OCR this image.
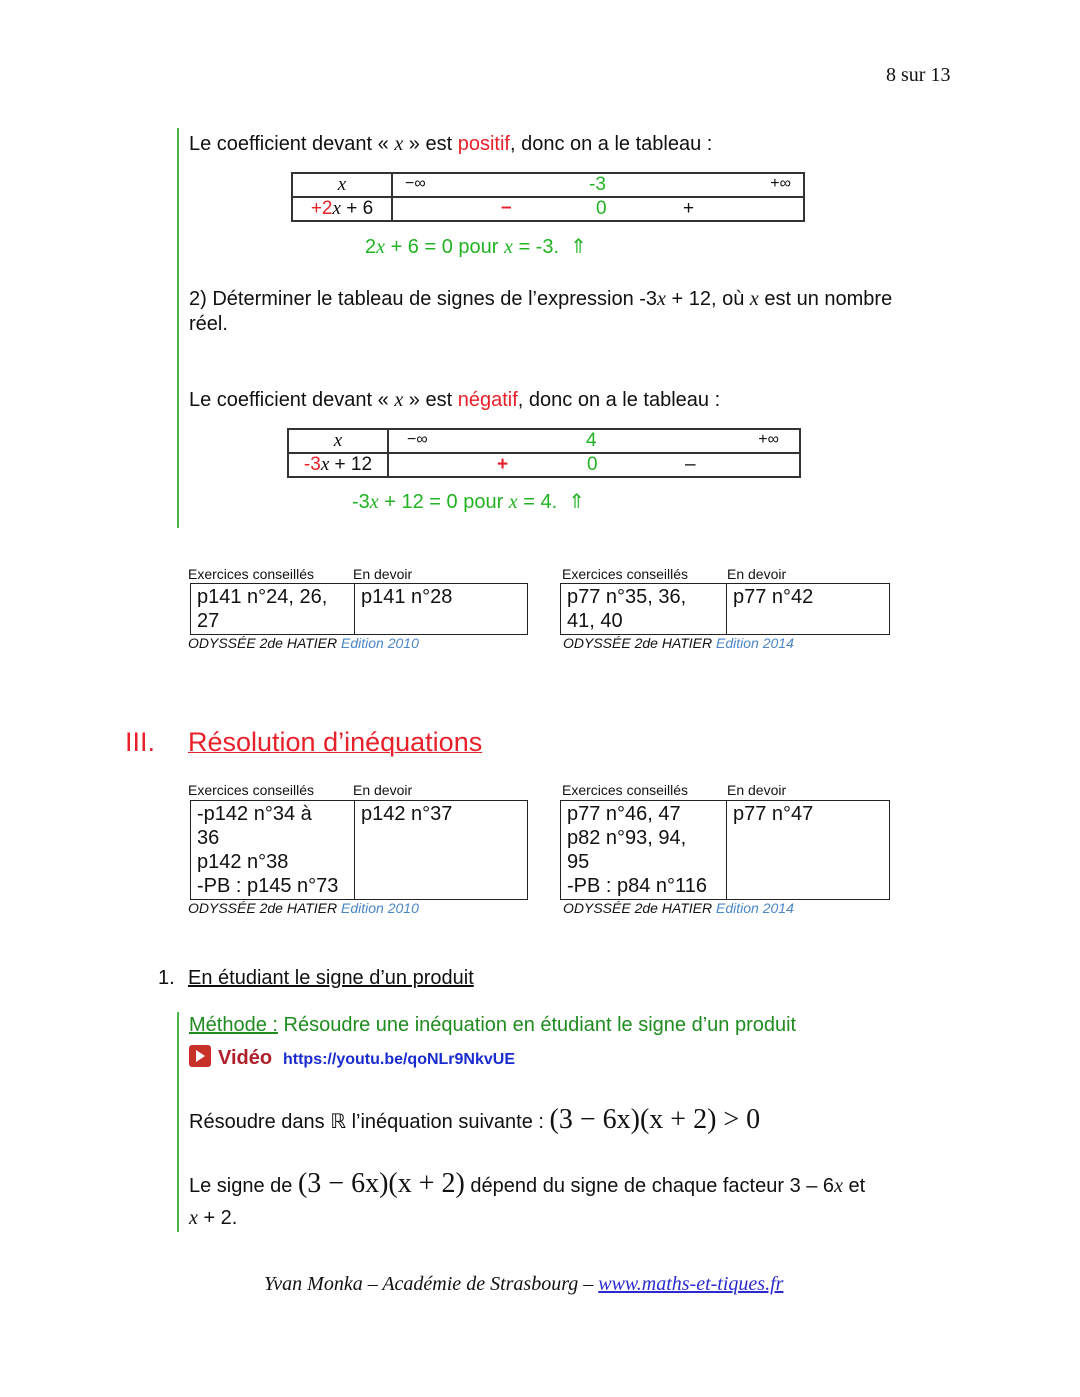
8 sur 13
Le coefficient devant « x » est positif, donc on a le tableau :
x	−∞ -3 +∞

+2x + 6	– 0 +
2x + 6 = 0 pour x = -3. ⇑
2) Déterminer le tableau de signes de l’expression -3x + 12, où x est un nombre
réel.
Le coefficient devant « x » est négatif, donc on a le tableau :
x	−∞ 4 +∞

-3x + 12	+ 0 –
-3x + 12 = 0 pour x = 4. ⇑
Exercices conseillés	En devoir
p141 n°24, 26,
27

p141 n°28
ODYSSÉE 2de HATIER Edition 2010
Exercices conseillés	En devoir
p77 n°35, 36,
41, 40

p77 n°42
ODYSSÉE 2de HATIER Edition 2014
III. Résolution d’inéquations
Exercices conseillés	En devoir
-p142 n°34 à
36
p142 n°38
-PB : p145 n°73

p142 n°37
ODYSSÉE 2de HATIER Edition 2010
Exercices conseillés	En devoir
p77 n°46, 47
p82 n°93, 94,
95
-PB : p84 n°116

p77 n°47
ODYSSÉE 2de HATIER Edition 2014
1. En étudiant le signe d’un produit
Méthode : Résoudre une inéquation en étudiant le signe d’un produit
Vidéo https://youtu.be/qoNLr9NkvUE
Résoudre dans ℝ l’inéquation suivante : (3 − 6x)(x + 2) > 0
Le signe de (3 − 6x)(x + 2) dépend du signe de chaque facteur 3 – 6x et
x + 2.
Yvan Monka – Académie de Strasbourg – www.maths-et-tiques.fr
